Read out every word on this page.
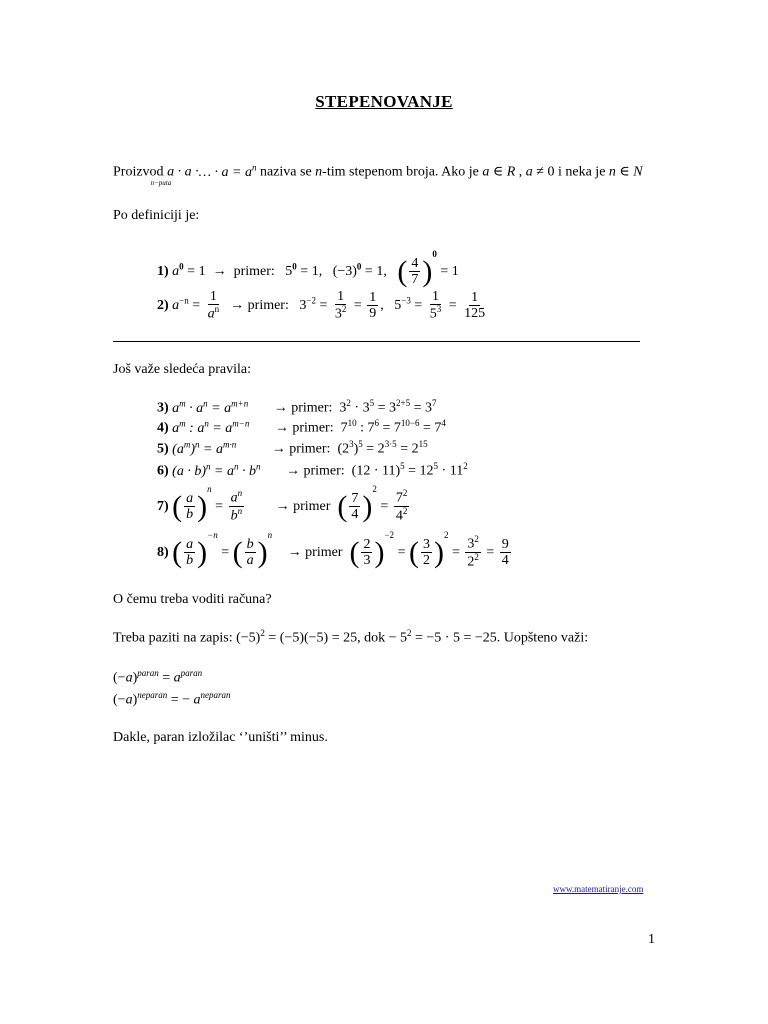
STEPENOVANJE
Proizvod a · a ·…
n−puta
· $a = a^n$ naziva se n-tim stepenom broja. Ako je a ∈ R , a ≠ 0 i neka je n ∈ N
Po definiciji je:
1) $a^0 = 1$  →  primer:   $5^0 = 1$,   $(-3)^0 = 1$,   ( $\frac{4}{7} )^0 = 1$
2) $a^{-n} = \frac{1}{a^n}$ → primer:   $3^{-2} = \frac{1}{3^2} = \frac{1}{9}$ ,   $5^{-3} = \frac{1}{5^3} = \frac{1}{125}$
Još važe sledeća pravila:
3) $a^m \cdot a^n = a^{m+n}$ → primer:  $3^2 \cdot 3^5 = 3^{2+5} = 3^7$
4) $a^m$ : $a^n = a^{m-n}$ → primer:  $7^{10}$ : $7^6 = 7^{10-6} = 7^4$
5) $(a^m)^n = a^{m\cdot n}$	→ primer:  $(2^3)^5 = 2^{3\cdot 5} = 2^{15}$
6) $(a \cdot b)^n = a^n \cdot b^n$ → primer:  $(12 \cdot 11)^5 = 12^5 \cdot 11^2$
7) ( $\frac{a}{b} )^n = \frac{a^n}{b^n}$ → primer ( $\frac{7}{4} )^2 = \frac{7^2}{4^2}$
8) ( $\frac{a}{b} )^{-n}$ = ( $\frac{b}{a} )^n$ → primer ( $\frac{2}{3} )^{-2}$ = ( $\frac{3}{2} )^2 = \frac{3^2}{2^2} = \frac{9}{4}$
O čemu treba voditi računa?
Treba paziti na zapis: $(-5)^2 = (-5)(-5) = 25$, dok − $5^2 = -5 \cdot 5 = -25$. Uopšteno važi:
$(-a)^{paran} = a^{paran}$
$(-a)^{neparan}$ = − $a^{neparan}$
Dakle, paran izložilac ‘’uništi’’ minus.
www.matematiranje.com
1
